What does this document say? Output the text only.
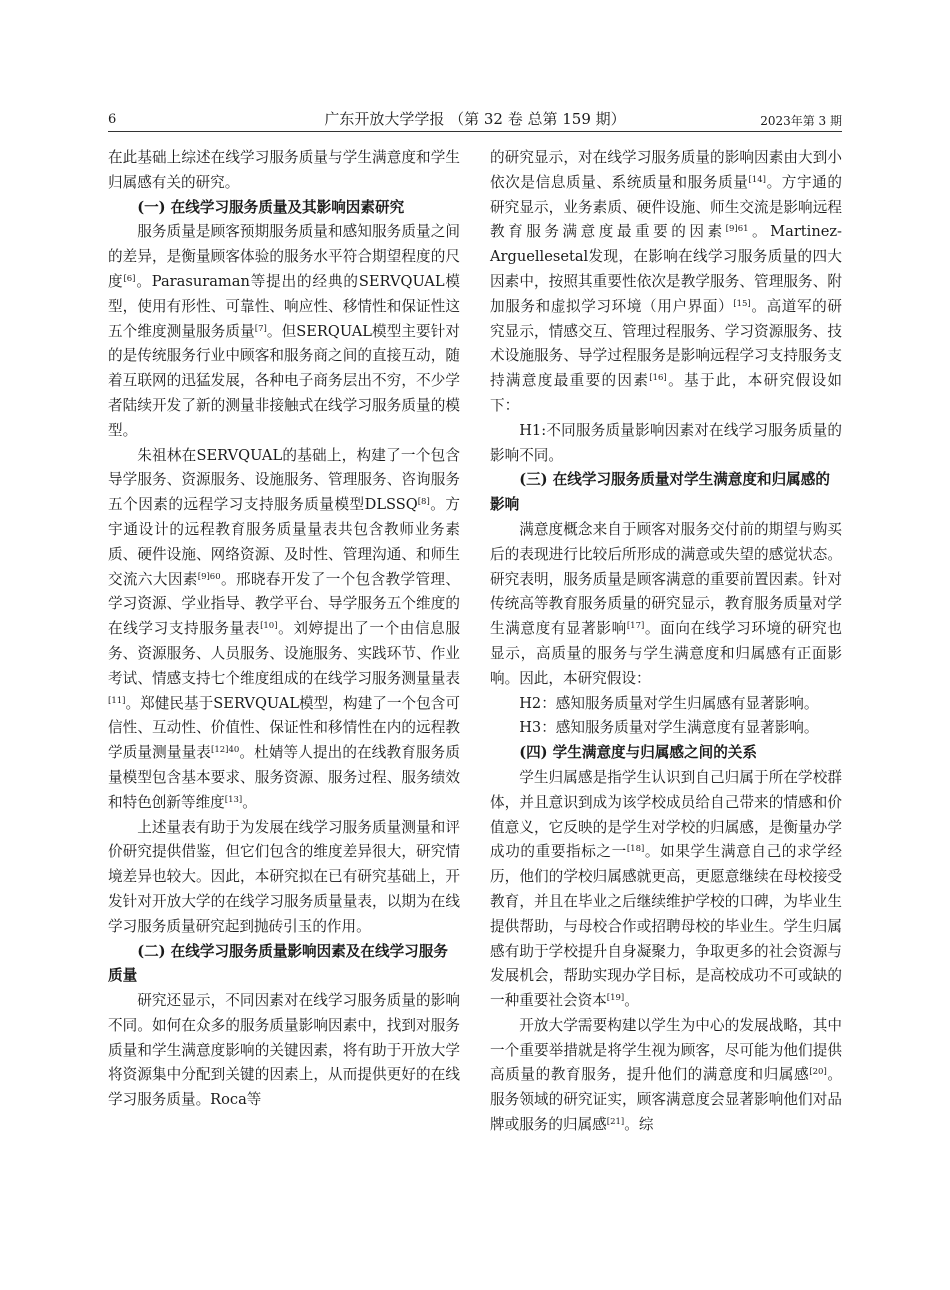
6	广东开放大学学报 （第 32 卷 总第 159 期）	2023年第 3 期

在此基础上综述在线学习服务质量与学生满意度和学生归属感有关的研究。

(一) 在线学习服务质量及其影响因素研究

服务质量是顾客预期服务质量和感知服务质量之间的差异，是衡量顾客体验的服务水平符合期望程度的尺度[6]。Parasuraman等提出的经典的SERVQUAL模型，使用有形性、可靠性、响应性、移情性和保证性这五个维度测量服务质量[7]。但SERQUAL模型主要针对的是传统服务行业中顾客和服务商之间的直接互动，随着互联网的迅猛发展，各种电子商务层出不穷，不少学者陆续开发了新的测量非接触式在线学习服务质量的模型。

朱祖林在SERVQUAL的基础上，构建了一个包含导学服务、资源服务、设施服务、管理服务、咨询服务五个因素的远程学习支持服务质量模型DLSSQ[8]。方宇通设计的远程教育服务质量量表共包含教师业务素质、硬件设施、网络资源、及时性、管理沟通、和师生交流六大因素$^{[9]60}$。邢晓春开发了一个包含教学管理、学习资源、学业指导、教学平台、导学服务五个维度的在线学习支持服务量表[10]。刘婷提出了一个由信息服务、资源服务、人员服务、设施服务、实践环节、作业考试、情感支持七个维度组成的在线学习服务测量量表[11]。郑健民基于SERVQUAL模型，构建了一个包含可信性、互动性、价值性、保证性和移情性在内的远程教学质量测量量表$^{[12]40}$。杜婧等人提出的在线教育服务质量模型包含基本要求、服务资源、服务过程、服务绩效和特色创新等维度[13]。

上述量表有助于为发展在线学习服务质量测量和评价研究提供借鉴，但它们包含的维度差异很大，研究情境差异也较大。因此，本研究拟在已有研究基础上，开发针对开放大学的在线学习服务质量量表，以期为在线学习服务质量研究起到抛砖引玉的作用。

(二) 在线学习服务质量影响因素及在线学习服务质量

研究还显示，不同因素对在线学习服务质量的影响不同。如何在众多的服务质量影响因素中，找到对服务质量和学生满意度影响的关键因素，将有助于开放大学将资源集中分配到关键的因素上，从而提供更好的在线学习服务质量。Roca等

的研究显示，对在线学习服务质量的影响因素由大到小依次是信息质量、系统质量和服务质量[14]。方宇通的研究显示，业务素质、硬件设施、师生交流是影响远程教育服务满意度最重要的因素$^{[9]61}$。Martinez-Arguellesetal发现，在影响在线学习服务质量的四大因素中，按照其重要性依次是教学服务、管理服务、附加服务和虚拟学习环境（用户界面）[15]。高道军的研究显示，情感交互、管理过程服务、学习资源服务、技术设施服务、导学过程服务是影响远程学习支持服务支持满意度最重要的因素[16]。基于此，本研究假设如下：

H1:不同服务质量影响因素对在线学习服务质量的影响不同。

(三) 在线学习服务质量对学生满意度和归属感的影响

满意度概念来自于顾客对服务交付前的期望与购买后的表现进行比较后所形成的满意或失望的感觉状态。研究表明，服务质量是顾客满意的重要前置因素。针对传统高等教育服务质量的研究显示，教育服务质量对学生满意度有显著影响[17]。面向在线学习环境的研究也显示，高质量的服务与学生满意度和归属感有正面影响。因此，本研究假设：

H2：感知服务质量对学生归属感有显著影响。

H3：感知服务质量对学生满意度有显著影响。

(四) 学生满意度与归属感之间的关系

学生归属感是指学生认识到自己归属于所在学校群体，并且意识到成为该学校成员给自己带来的情感和价值意义，它反映的是学生对学校的归属感，是衡量办学成功的重要指标之一[18]。如果学生满意自己的求学经历，他们的学校归属感就更高，更愿意继续在母校接受教育，并且在毕业之后继续维护学校的口碑，为毕业生提供帮助，与母校合作或招聘母校的毕业生。学生归属感有助于学校提升自身凝聚力，争取更多的社会资源与发展机会，帮助实现办学目标，是高校成功不可或缺的一种重要社会资本[19]。

开放大学需要构建以学生为中心的发展战略，其中一个重要举措就是将学生视为顾客，尽可能为他们提供高质量的教育服务，提升他们的满意度和归属感[20]。服务领域的研究证实，顾客满意度会显著影响他们对品牌或服务的归属感[21]。综
